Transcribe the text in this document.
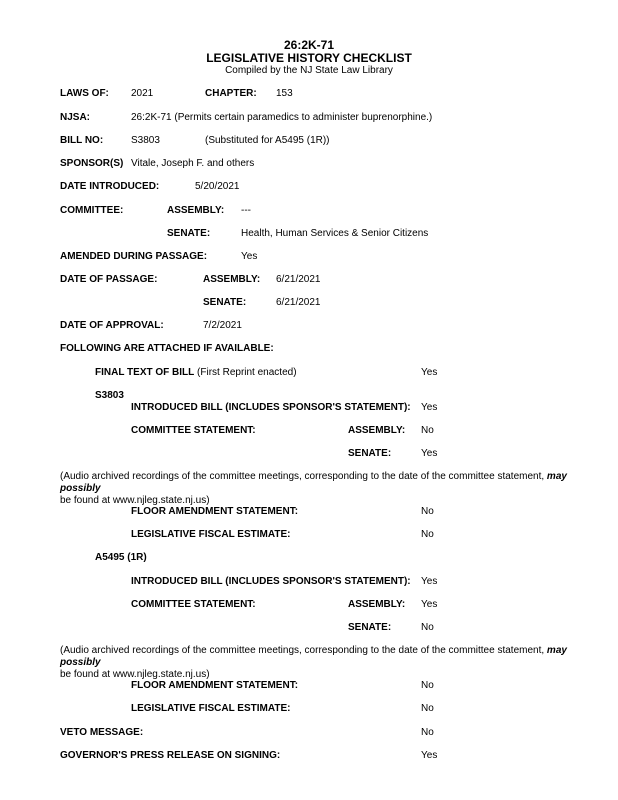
26:2K-71
LEGISLATIVE HISTORY CHECKLIST
Compiled by the NJ State Law Library
LAWS OF: 2021	CHAPTER: 153
NJSA:	26:2K-71 (Permits certain paramedics to administer buprenorphine.)
BILL NO:	S3803	(Substituted for A5495 (1R))
SPONSOR(S) Vitale, Joseph F. and others
DATE INTRODUCED:	5/20/2021
COMMITTEE:	ASSEMBLY: ---
SENATE:	Health, Human Services & Senior Citizens
AMENDED DURING PASSAGE:	Yes
DATE OF PASSAGE:	ASSEMBLY: 6/21/2021
SENATE:	6/21/2021
DATE OF APPROVAL:	7/2/2021
FOLLOWING ARE ATTACHED IF AVAILABLE:
FINAL TEXT OF BILL (First Reprint enacted)	Yes
S3803
INTRODUCED BILL (INCLUDES SPONSOR'S STATEMENT): Yes
COMMITTEE STATEMENT:	ASSEMBLY: No
SENATE:	Yes
(Audio archived recordings of the committee meetings, corresponding to the date of the committee statement, may possibly
be found at www.njleg.state.nj.us)
FLOOR AMENDMENT STATEMENT:	No
LEGISLATIVE FISCAL ESTIMATE:	No
A5495 (1R)
INTRODUCED BILL (INCLUDES SPONSOR'S STATEMENT): Yes
COMMITTEE STATEMENT:	ASSEMBLY: Yes
SENATE:	No
(Audio archived recordings of the committee meetings, corresponding to the date of the committee statement, may possibly
be found at www.njleg.state.nj.us)
FLOOR AMENDMENT STATEMENT:	No
LEGISLATIVE FISCAL ESTIMATE:	No
VETO MESSAGE:	No
GOVERNOR'S PRESS RELEASE ON SIGNING:	Yes
